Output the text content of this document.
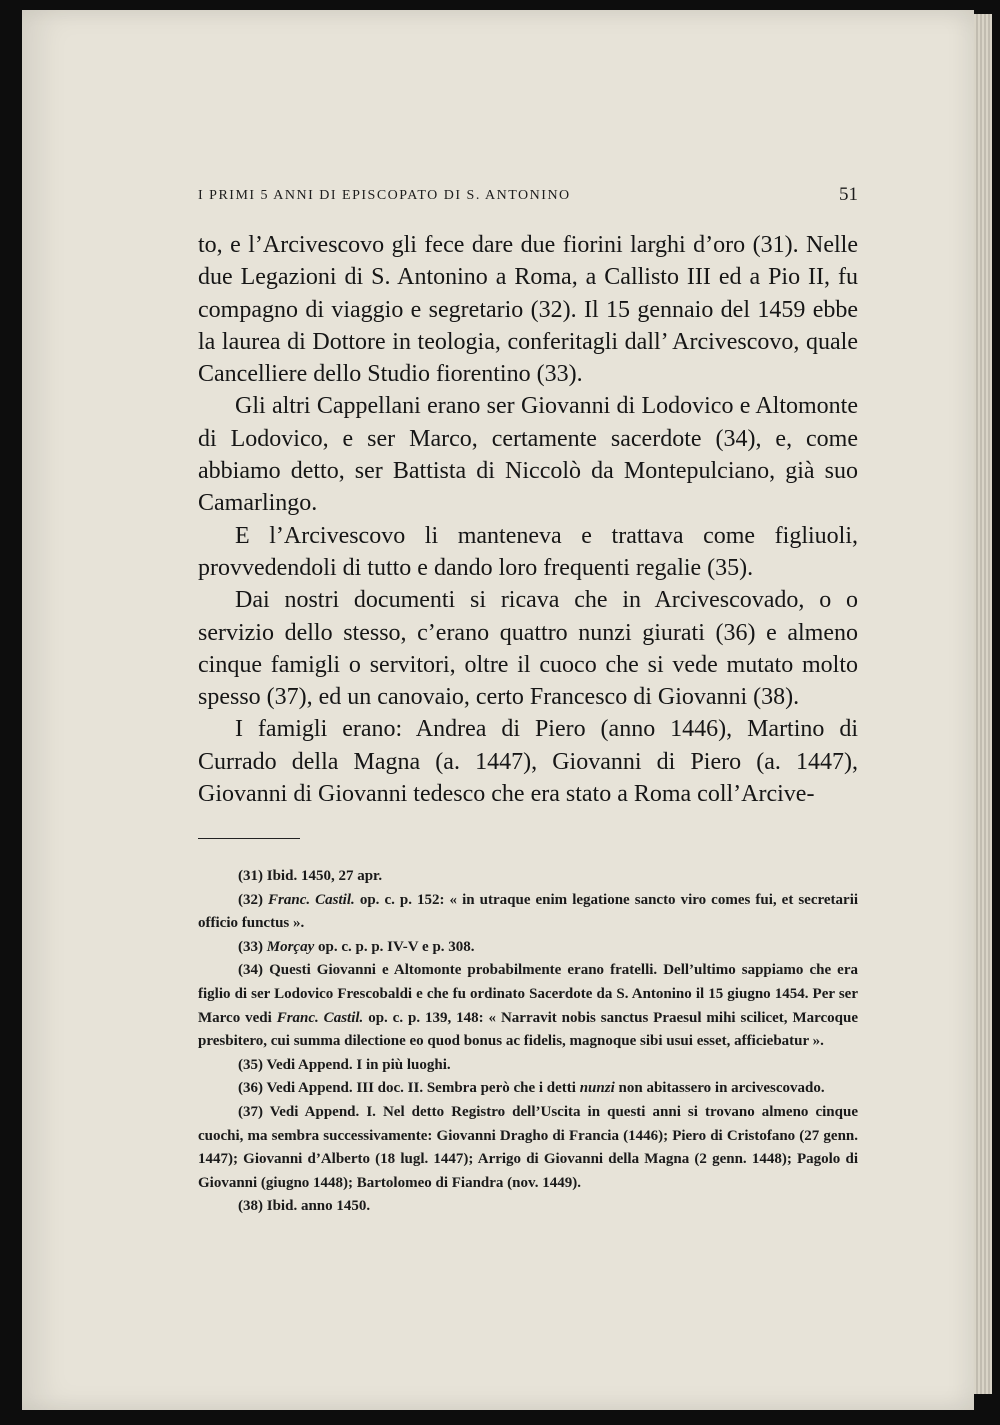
I PRIMI 5 ANNI DI EPISCOPATO DI S. ANTONINO	51

to, e l’Arcivescovo gli fece dare due fiorini larghi d’oro (31). Nelle due Legazioni di S. Antonino a Roma, a Callisto III ed a Pio II, fu compagno di viaggio e segretario (32). Il 15 gennaio del 1459 ebbe la laurea di Dottore in teologia, conferitagli dall’ Arcivescovo, quale Cancelliere dello Studio fiorentino (33).

Gli altri Cappellani erano ser Giovanni di Lodovico e Altomonte di Lodovico, e ser Marco, certamente sacerdote (34), e, come abbiamo detto, ser Battista di Niccolò da Montepulciano, già suo Camarlingo.

E l’Arcivescovo li manteneva e trattava come figliuoli, provvedendoli di tutto e dando loro frequenti regalie (35).

Dai nostri documenti si ricava che in Arcivescovado, o o servizio dello stesso, c’erano quattro nunzi giurati (36) e almeno cinque famigli o servitori, oltre il cuoco che si vede mutato molto spesso (37), ed un canovaio, certo Francesco di Giovanni (38).

I famigli erano: Andrea di Piero (anno 1446), Martino di Currado della Magna (a. 1447), Giovanni di Piero (a. 1447), Giovanni di Giovanni tedesco che era stato a Roma coll’Arcive-

(31) Ibid. 1450, 27 apr.

(32) Franc. Castil. op. c. p. 152: « in utraque enim legatione sancto viro comes fui, et secretarii officio functus ».

(33) Morçay op. c. p. p. IV-V e p. 308.

(34) Questi Giovanni e Altomonte probabilmente erano fratelli. Dell’ultimo sappiamo che era figlio di ser Lodovico Frescobaldi e che fu ordinato Sacerdote da S. Antonino il 15 giugno 1454. Per ser Marco vedi Franc. Castil. op. c. p. 139, 148: « Narravit nobis sanctus Praesul mihi scilicet, Marcoque presbitero, cui summa dilectione eo quod bonus ac fidelis, magnoque sibi usui esset, afficiebatur ».

(35) Vedi Append. I in più luoghi.

(36) Vedi Append. III doc. II. Sembra però che i detti nunzi non abitassero in arcivescovado.

(37) Vedi Append. I. Nel detto Registro dell’Uscita in questi anni si trovano almeno cinque cuochi, ma sembra successivamente: Giovanni Dragho di Francia (1446); Piero di Cristofano (27 genn. 1447); Giovanni d’Alberto (18 lugl. 1447); Arrigo di Giovanni della Magna (2 genn. 1448); Pagolo di Giovanni (giugno 1448); Bartolomeo di Fiandra (nov. 1449).

(38) Ibid. anno 1450.
